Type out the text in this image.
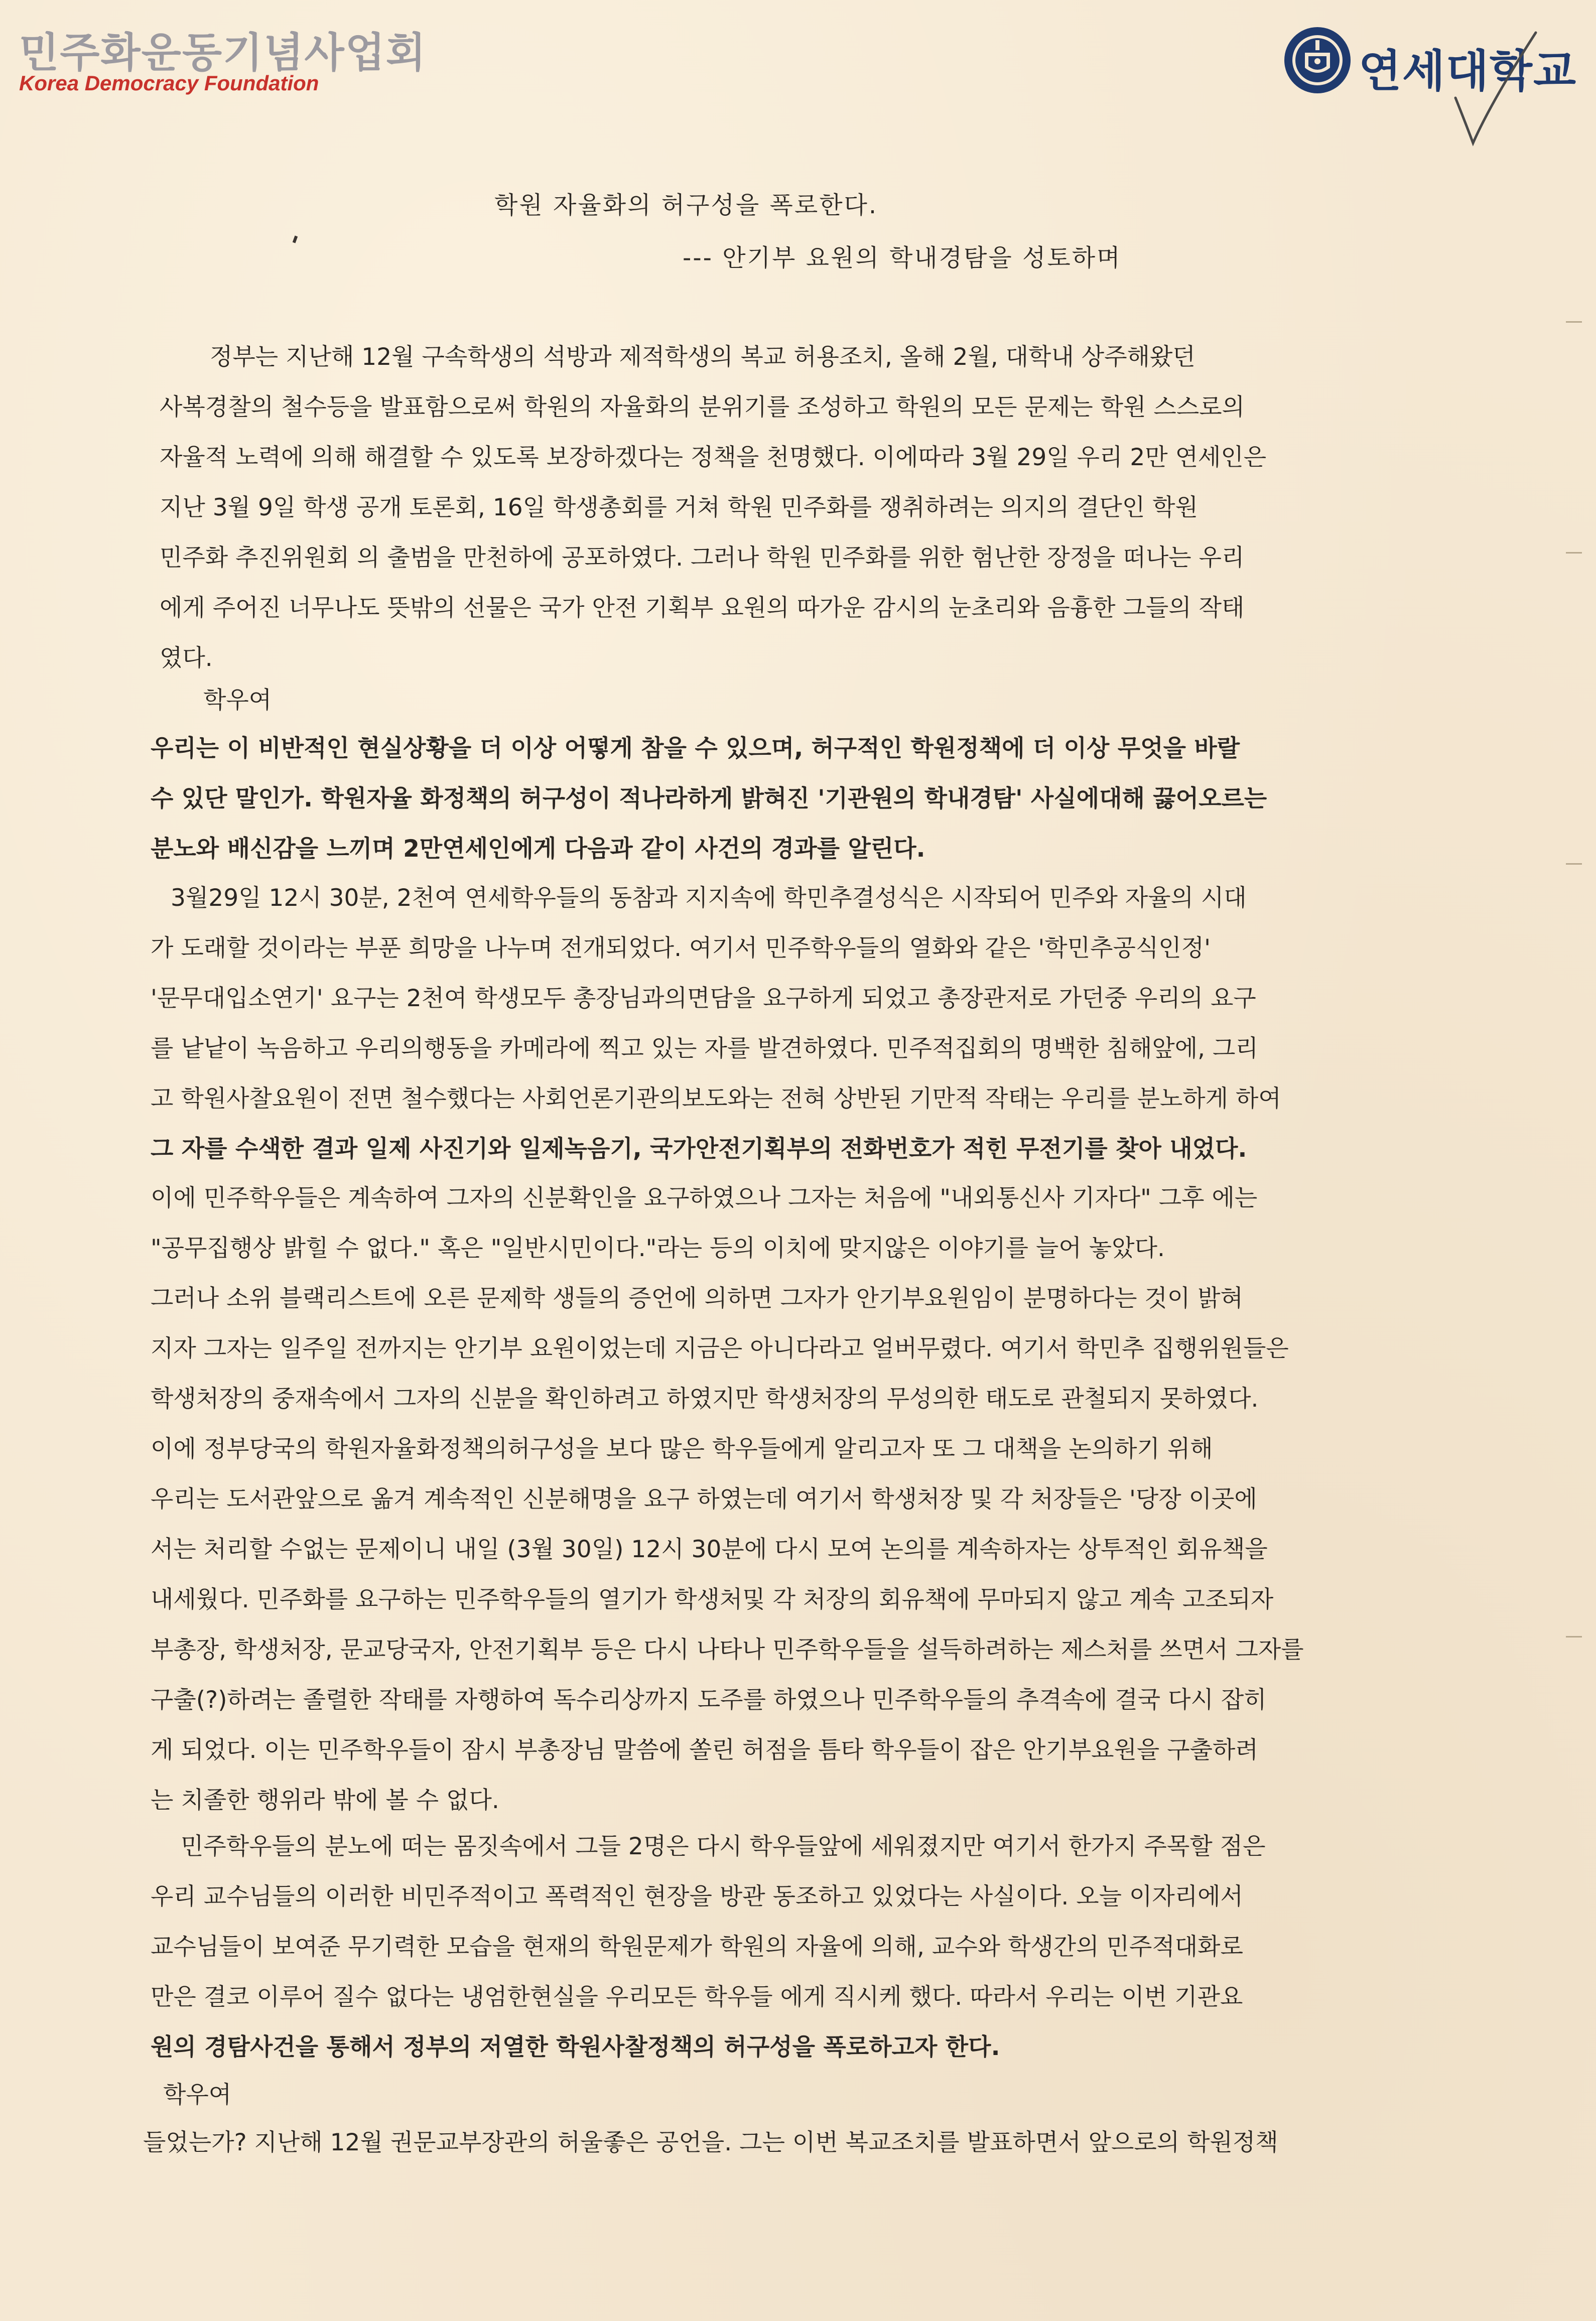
민주화운동기념사업회
Korea Democracy Foundation	연세대학교
학원 자율화의 허구성을 폭로한다.
--- 안기부 요원의 학내경탐을 성토하며
정부는 지난해 12월 구속학생의 석방과 제적학생의 복교 허용조치, 올해 2월, 대학내 상주해왔던
사복경찰의 철수등을 발표함으로써 학원의 자율화의 분위기를 조성하고 학원의 모든 문제는 학원 스스로의
자율적 노력에 의해 해결할 수 있도록 보장하겠다는 정책을 천명했다. 이에따라 3월 29일 우리 2만 연세인은
지난 3월 9일 학생 공개 토론회, 16일 학생총회를 거쳐 학원 민주화를 쟁취하려는 의지의 결단인 학원
민주화 추진위원회 의 출범을 만천하에 공포하였다. 그러나 학원 민주화를 위한 험난한 장정을 떠나는 우리
에게 주어진 너무나도 뜻밖의 선물은 국가 안전 기획부 요원의 따가운 감시의 눈초리와 음흉한 그들의 작태
였다.
학우여
우리는 이 비반적인 현실상황을 더 이상 어떻게 참을 수 있으며, 허구적인 학원정책에 더 이상 무엇을 바랄
수 있단 말인가. 학원자율 화정책의 허구성이 적나라하게 밝혀진 '기관원의 학내경탐' 사실에대해 끓어오르는
분노와 배신감을 느끼며 2만연세인에게 다음과 같이 사건의 경과를 알린다.
3월29일 12시 30분, 2천여 연세학우들의 동참과 지지속에 학민추결성식은 시작되어 민주와 자율의 시대
가 도래할 것이라는 부푼 희망을 나누며 전개되었다. 여기서 민주학우들의 열화와 같은 '학민추공식인정'
'문무대입소연기' 요구는 2천여 학생모두 총장님과의면담을 요구하게 되었고 총장관저로 가던중 우리의 요구
를 낱낱이 녹음하고 우리의행동을 카메라에 찍고 있는 자를 발견하였다. 민주적집회의 명백한 침해앞에, 그리
고 학원사찰요원이 전면 철수했다는 사회언론기관의보도와는 전혀 상반된 기만적 작태는 우리를 분노하게 하여
그 자를 수색한 결과 일제 사진기와 일제녹음기, 국가안전기획부의 전화번호가 적힌 무전기를 찾아 내었다.
이에 민주학우들은 계속하여 그자의 신분확인을 요구하였으나 그자는 처음에 "내외통신사 기자다" 그후 에는
"공무집행상 밝힐 수 없다." 혹은 "일반시민이다."라는 등의 이치에 맞지않은 이야기를 늘어 놓았다.
그러나 소위 블랙리스트에 오른 문제학 생들의 증언에 의하면 그자가 안기부요원임이 분명하다는 것이 밝혀
지자 그자는 일주일 전까지는 안기부 요원이었는데 지금은 아니다라고 얼버무렸다. 여기서 학민추 집행위원들은
학생처장의 중재속에서 그자의 신분을 확인하려고 하였지만 학생처장의 무성의한 태도로 관철되지 못하였다.
이에 정부당국의 학원자율화정책의허구성을 보다 많은 학우들에게 알리고자 또 그 대책을 논의하기 위해
우리는 도서관앞으로 옮겨 계속적인 신분해명을 요구 하였는데 여기서 학생처장 및 각 처장들은 '당장 이곳에
서는 처리할 수없는 문제이니 내일 (3월 30일) 12시 30분에 다시 모여 논의를 계속하자는 상투적인 회유책을
내세웠다. 민주화를 요구하는 민주학우들의 열기가 학생처및 각 처장의 회유책에 무마되지 않고 계속 고조되자
부총장, 학생처장, 문교당국자, 안전기획부 등은 다시 나타나 민주학우들을 설득하려하는 제스처를 쓰면서 그자를
구출(?)하려는 졸렬한 작태를 자행하여 독수리상까지 도주를 하였으나 민주학우들의 추격속에 결국 다시 잡히
게 되었다. 이는 민주학우들이 잠시 부총장님 말씀에 쏠린 허점을 틈타 학우들이 잡은 안기부요원을 구출하려
는 치졸한 행위라 밖에 볼 수 없다.
민주학우들의 분노에 떠는 몸짓속에서 그들 2명은 다시 학우들앞에 세워졌지만 여기서 한가지 주목할 점은
우리 교수님들의 이러한 비민주적이고 폭력적인 현장을 방관 동조하고 있었다는 사실이다. 오늘 이자리에서
교수님들이 보여준 무기력한 모습을 현재의 학원문제가 학원의 자율에 의해, 교수와 학생간의 민주적대화로
만은 결코 이루어 질수 없다는 냉엄한현실을 우리모든 학우들 에게 직시케 했다. 따라서 우리는 이번 기관요
원의 경탐사건을 통해서 정부의 저열한 학원사찰정책의 허구성을 폭로하고자 한다.
학우여
들었는가? 지난해 12월 권문교부장관의 허울좋은 공언을. 그는 이번 복교조치를 발표하면서 앞으로의 학원정책
